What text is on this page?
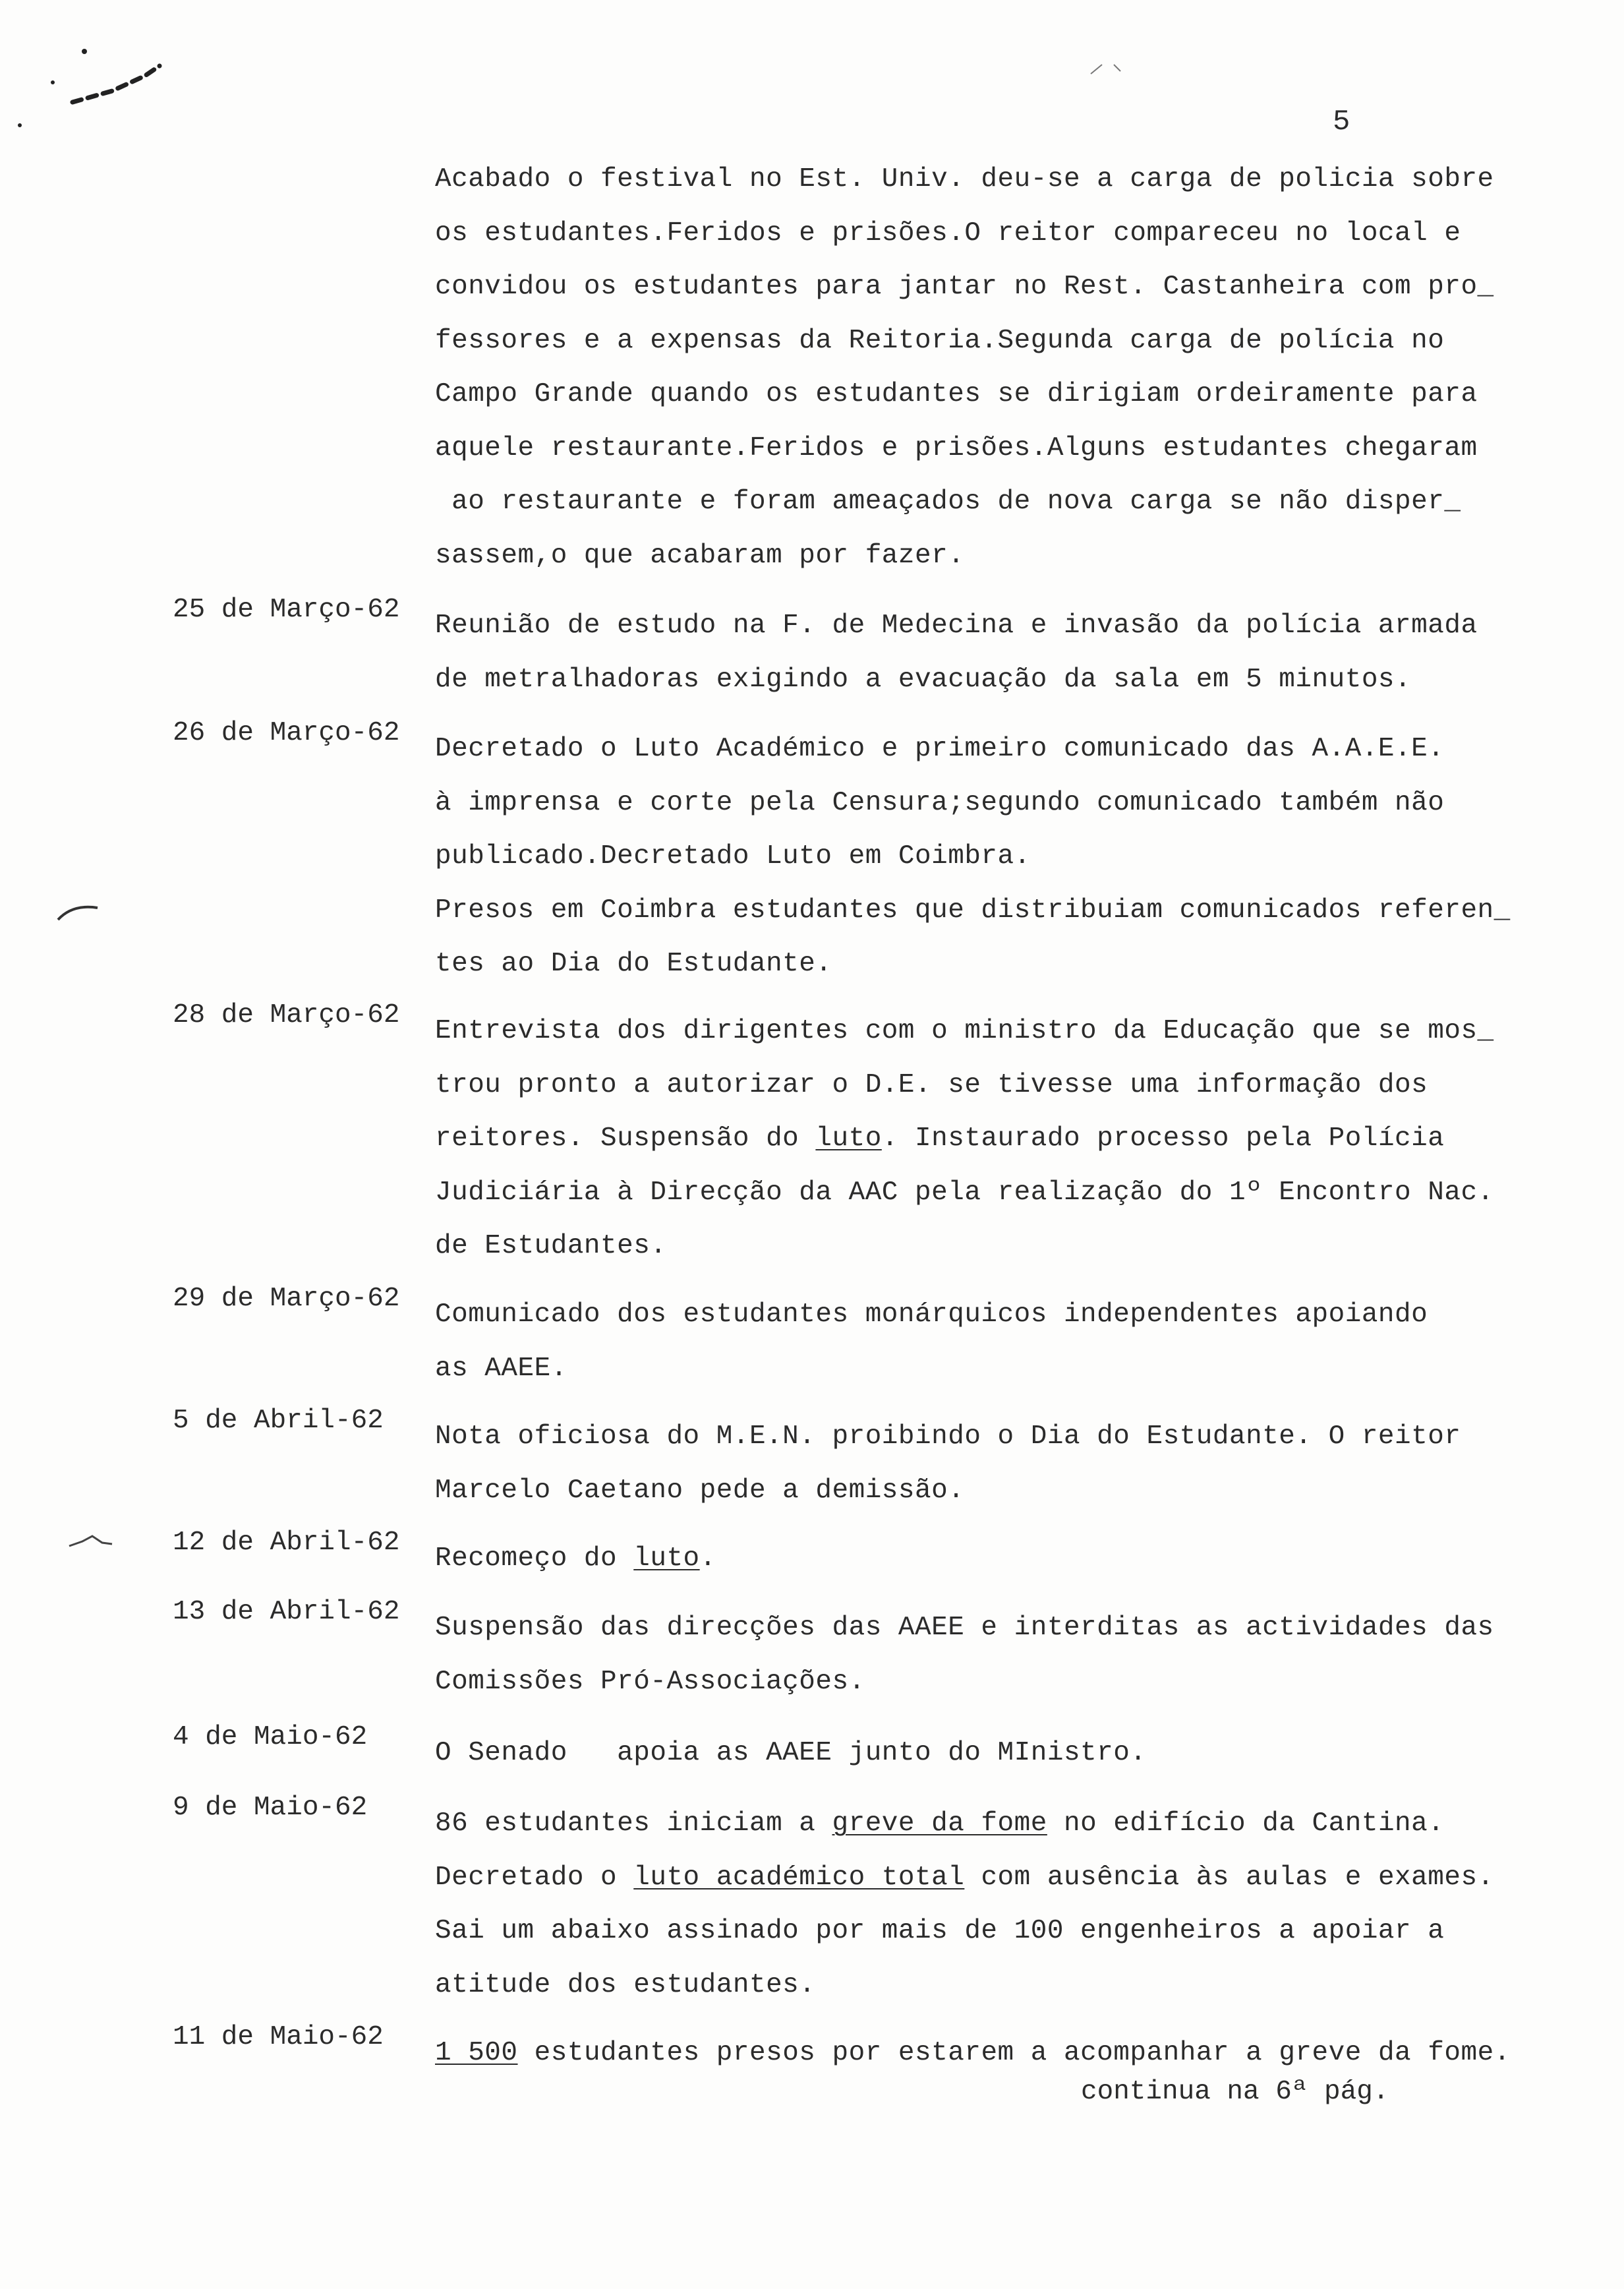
5
Acabado o festival no Est. Univ. deu-se a carga de policia sobre
os estudantes.Feridos e prisões.O reitor compareceu no local e
convidou os estudantes para jantar no Rest. Castanheira com pro_
fessores e a expensas da Reitoria.Segunda carga de polícia no
Campo Grande quando os estudantes se dirigiam ordeiramente para
aquele restaurante.Feridos e prisões.Alguns estudantes chegaram
ao restaurante e foram ameaçados de nova carga se não disper_
sassem,o que acabaram por fazer.
25 de Março-62
Reunião de estudo na F. de Medecina e invasão da polícia armada
de metralhadoras exigindo a evacuação da sala em 5 minutos.
26 de Março-62
Decretado o Luto Académico e primeiro comunicado das A.A.E.E.
à imprensa e corte pela Censura;segundo comunicado também não
publicado.Decretado Luto em Coimbra.
Presos em Coimbra estudantes que distribuiam comunicados referen_
tes ao Dia do Estudante.
28 de Março-62
Entrevista dos dirigentes com o ministro da Educação que se mos_
trou pronto a autorizar o D.E. se tivesse uma informação dos
reitores. Suspensão do luto. Instaurado processo pela Polícia
Judiciária à Direcção da AAC pela realização do 1º Encontro Nac.
de Estudantes.
29 de Março-62
Comunicado dos estudantes monárquicos independentes apoiando
as AAEE.
5 de Abril-62
Nota oficiosa do M.E.N. proibindo o Dia do Estudante. O reitor
Marcelo Caetano pede a demissão.
12 de Abril-62
Recomeço do luto.
13 de Abril-62
Suspensão das direcções das AAEE e interditas as actividades das
Comissões Pró-Associações.
4 de Maio-62
O Senado   apoia as AAEE junto do MInistro.
9 de Maio-62
86 estudantes iniciam a greve da fome no edifício da Cantina.
Decretado o luto académico total com ausência às aulas e exames.
Sai um abaixo assinado por mais de 100 engenheiros a apoiar a
atitude dos estudantes.
11 de Maio-62
1 500 estudantes presos por estarem a acompanhar a greve da fome.
continua na 6ª pág.
